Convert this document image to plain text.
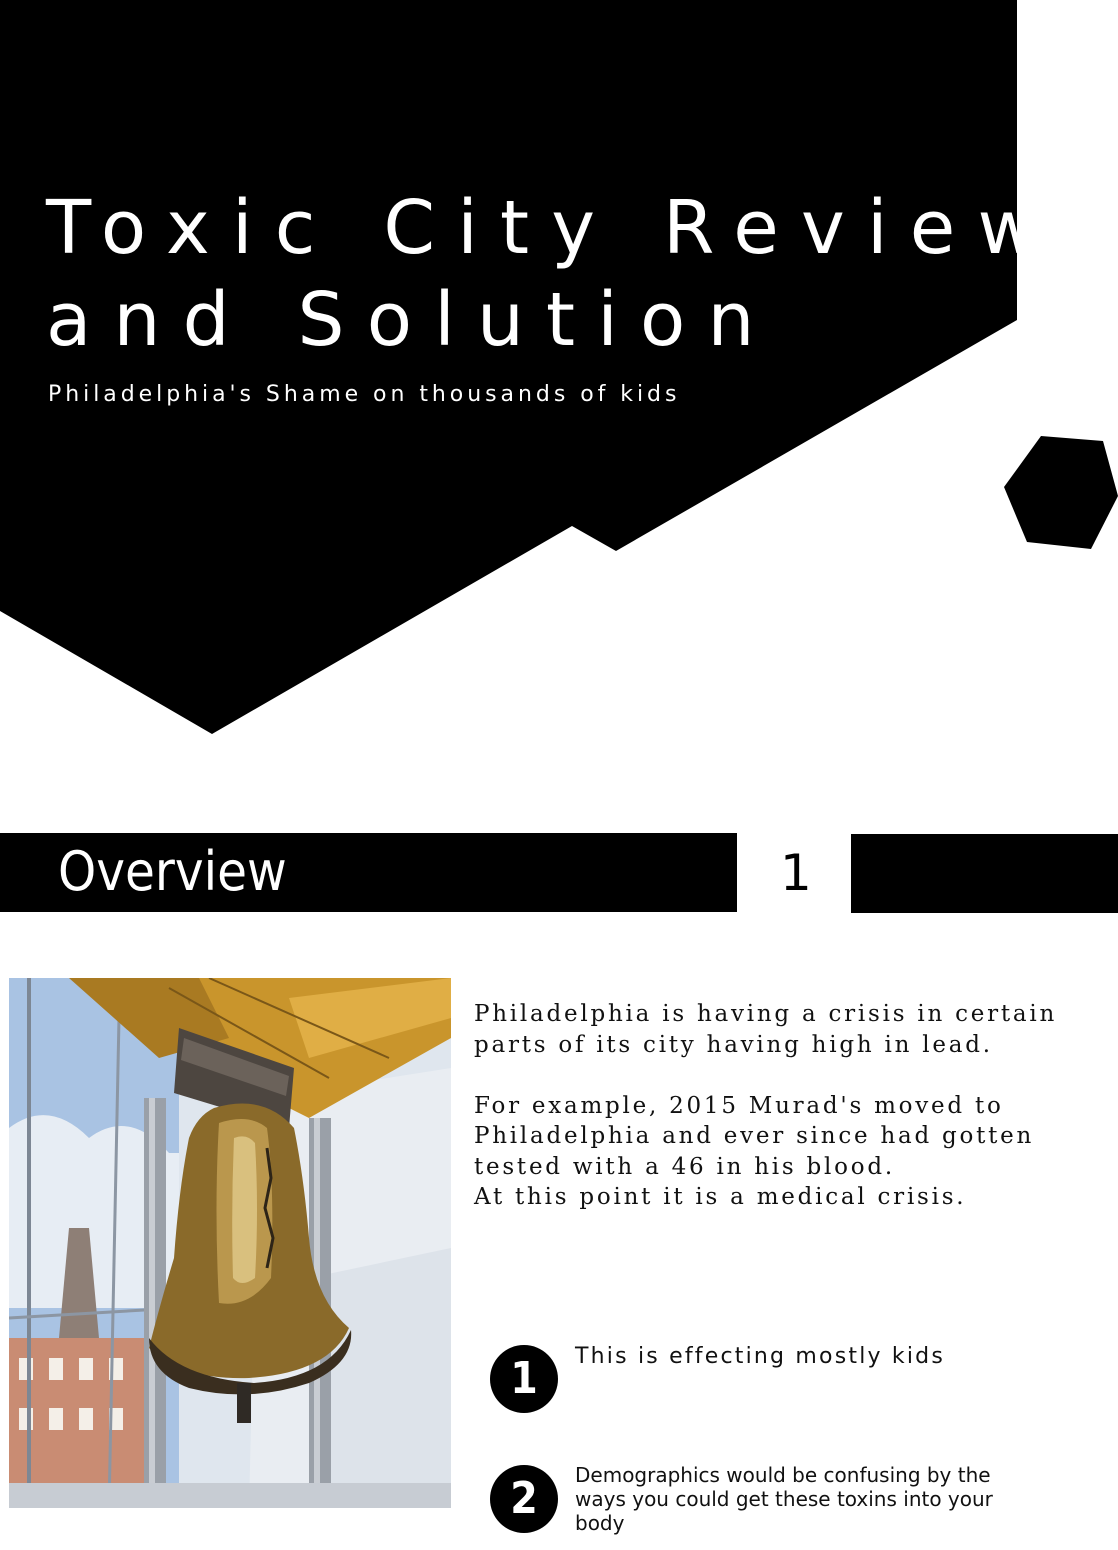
Toxic City Review
and Solution
Philadelphia's Shame on thousands of kids
Overview	1

Philadelphia is having a crisis in certain parts of its city having high in lead.

For example, 2015 Murad's moved to Philadelphia and ever since had gotten tested with a 46 in his blood.

At this point it is a medical crisis.

1	This is effecting mostly kids
2	Demographics would be confusing by the ways you could get these toxins into your body
